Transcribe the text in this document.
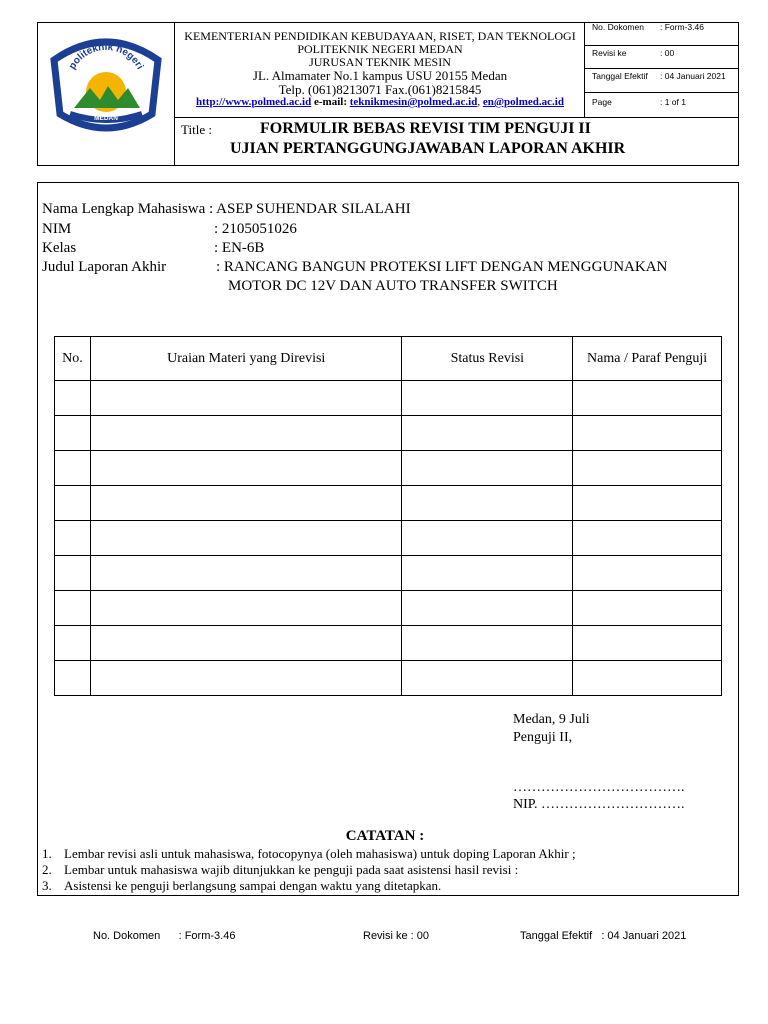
politeknik negeri
MEDAN
KEMENTERIAN PENDIDIKAN KEBUDAYAAN, RISET, DAN TEKNOLOGI
POLITEKNIK NEGERI MEDAN
JURUSAN TEKNIK MESIN
JL. Almamater No.1 kampus USU 20155 Medan
Telp. (061)8213071 Fax.(061)8215845
http://www.polmed.ac.id e-mail: teknikmesin@polmed.ac.id, en@polmed.ac.id
Title :	FORMULIR BEBAS REVISI TIM PENGUJI II
UJIAN PERTANGGUNGJAWABAN LAPORAN AKHIR
No. Dokomen : Form-3.46
Revisi ke	: 00
Tanggal Efektif : 04 Januari 2021
Page	: 1 of 1
Nama Lengkap Mahasiswa : ASEP SUHENDAR SILALAHI
NIM	: 2105051026
Kelas	: EN-6B
Judul Laporan Akhir	: RANCANG BANGUN PROTEKSI LIFT DENGAN MENGGUNAKAN
MOTOR DC 12V DAN AUTO TRANSFER SWITCH
No.	Uraian Materi yang Direvisi	Status Revisi	Nama / Paraf Penguji

Medan, 9 Juli
Penguji II,
……………………………….
NIP. ………………………….
CATATAN :
1. Lembar revisi asli untuk mahasiswa, fotocopynya (oleh mahasiswa) untuk doping Laporan Akhir ;
2. Lembar untuk mahasiswa wajib ditunjukkan ke penguji pada saat asistensi hasil revisi :
3. Asistensi ke penguji berlangsung sampai dengan waktu yang ditetapkan.
No. Dokomen      : Form-3.46	Revisi ke : 00	Tanggal Efektif   : 04 Januari 2021
